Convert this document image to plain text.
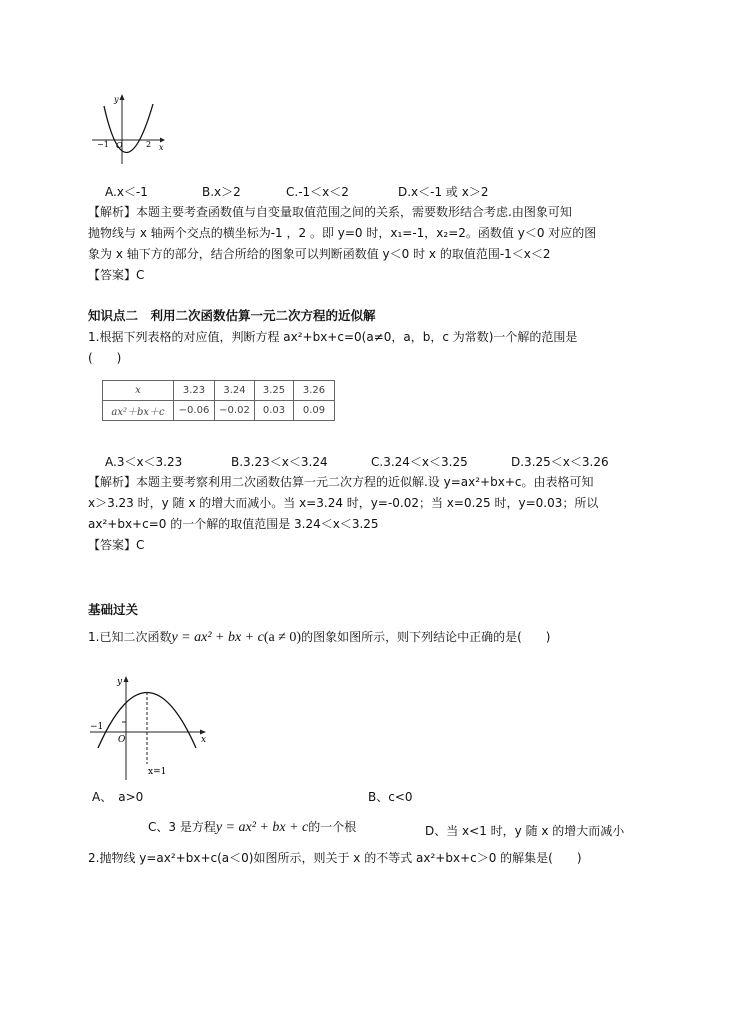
y
x
O
−1	2
A.x＜-1	B.x＞2	C.-1＜x＜2	D.x＜-1 或 x＞2
【解析】本题主要考查函数值与自变量取值范围之间的关系，需要数形结合考虑.由图象可知
抛物线与 x 轴两个交点的横坐标为-1 ，2 。即 y=0 时，x₁=-1，x₂=2。函数值 y＜0 对应的图
象为 x 轴下方的部分，结合所给的图象可以判断函数值 y＜0 时 x 的取值范围-1＜x＜2
【答案】C
知识点二　利用二次函数估算一元二次方程的近似解
1.根据下列表格的对应值，判断方程 ax²+bx+c=0(a≠0，a，b，c 为常数)一个解的范围是
(　　)
x	3.23	3.24	3.25	3.26
ax²＋bx＋c	−0.06	−0.02	0.03	0.09
A.3＜x＜3.23	B.3.23＜x＜3.24	C.3.24＜x＜3.25	D.3.25＜x＜3.26
【解析】本题主要考察利用二次函数估算一元二次方程的近似解.设 y=ax²+bx+c。由表格可知
x＞3.23 时，y 随 x 的增大而减小。当 x=3.24 时，y=-0.02；当 x=0.25 时，y=0.03；所以
ax²+bx+c=0 的一个解的取值范围是 3.24＜x＜3.25
【答案】C
基础过关
1.已知二次函数y = ax² + bx + c(a ≠ 0)的图象如图所示，则下列结论中正确的是(　　)
y
x
O
−1
x=1
A、　a>0	B、c<0
C、3 是方程y = ax² + bx + c的一个根	D、当 x<1 时，y 随 x 的增大而减小
2.抛物线 y=ax²+bx+c(a＜0)如图所示，则关于 x 的不等式 ax²+bx+c＞0 的解集是(　　)
